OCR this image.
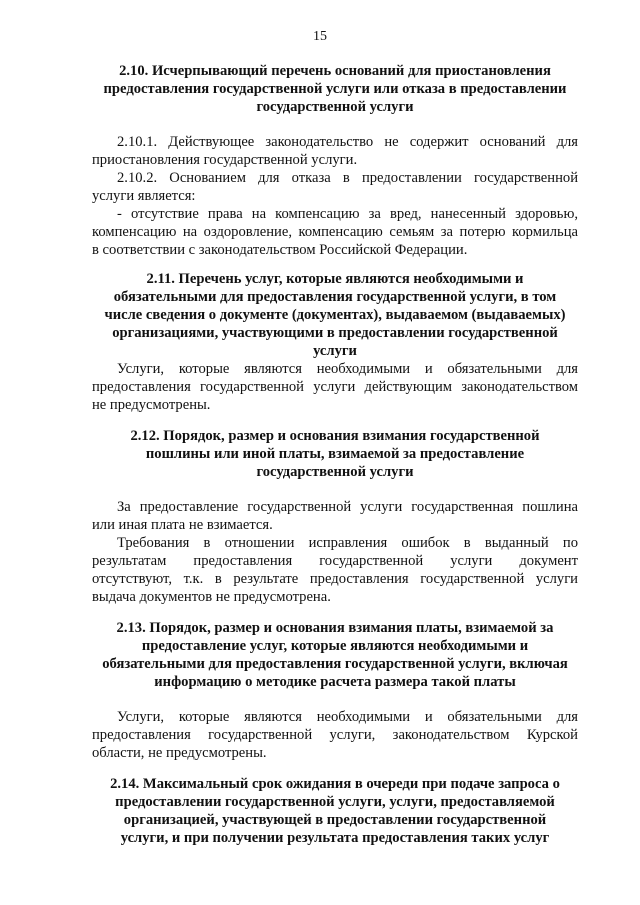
15
2.10. Исчерпывающий перечень оснований для приостановления
предоставления государственной услуги или отказа в предоставлении
государственной услуги
2.10.1. Действующее законодательство не содержит оснований для
приостановления государственной услуги.
2.10.2. Основанием для отказа в предоставлении государственной
услуги является:
- отсутствие права на компенсацию за вред, нанесенный здоровью,
компенсацию на оздоровление, компенсацию семьям за потерю кормильца
в соответствии с законодательством Российской Федерации.
2.11. Перечень услуг, которые являются необходимыми и
обязательными для предоставления государственной услуги, в том
числе сведения о документе (документах), выдаваемом (выдаваемых)
организациями, участвующими в предоставлении государственной
услуги
Услуги, которые являются необходимыми и обязательными для
предоставления государственной услуги действующим законодательством
не предусмотрены.
2.12. Порядок, размер и основания взимания государственной
пошлины или иной платы, взимаемой за предоставление
государственной услуги
За предоставление государственной услуги государственная пошлина
или иная плата не взимается.
Требования в отношении исправления ошибок в выданный по
результатам предоставления государственной услуги документ
отсутствуют, т.к. в результате предоставления государственной услуги
выдача документов не предусмотрена.
2.13. Порядок, размер и основания взимания платы, взимаемой за
предоставление услуг, которые являются необходимыми и
обязательными для предоставления государственной услуги, включая
информацию о методике расчета размера такой платы
Услуги, которые являются необходимыми и обязательными для
предоставления государственной услуги, законодательством Курской
области, не предусмотрены.
2.14. Максимальный срок ожидания в очереди при подаче запроса о
предоставлении государственной услуги, услуги, предоставляемой
организацией, участвующей в предоставлении государственной
услуги, и при получении результата предоставления таких услуг
